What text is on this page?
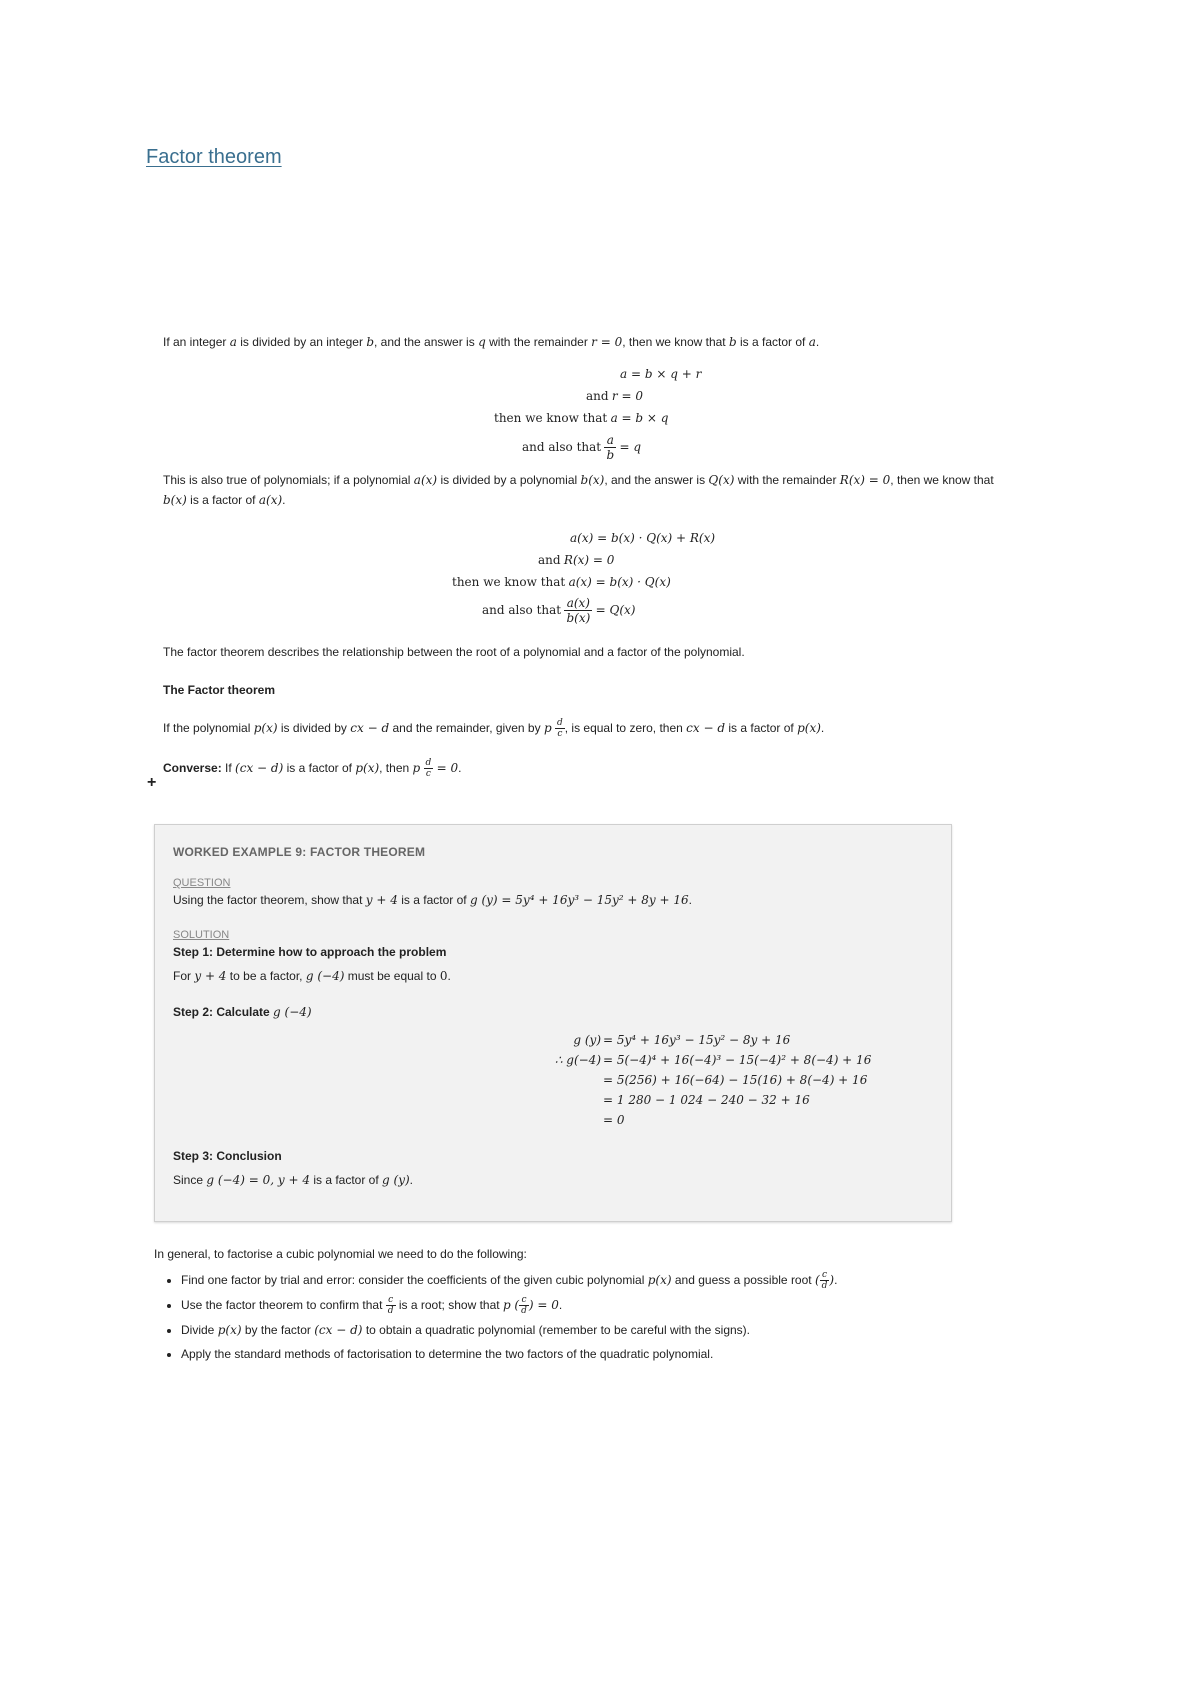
Factor theorem
If an integer a is divided by an integer b, and the answer is q with the remainder r = 0, then we know that b is a factor of a.
a = b × q + r
and r = 0
then we know that a = b × q
and also that $\frac{a}{b} = q$
This is also true of polynomials; if a polynomial a(x) is divided by a polynomial b(x), and the answer is Q(x) with the remainder R(x) = 0, then we know that b(x) is a factor of a(x).
a(x) = b(x) · Q(x) + R(x)
and R(x) = 0
then we know that a(x) = b(x) · Q(x)
and also that $\frac{a(x)}{b(x)} = Q(x)$
The factor theorem describes the relationship between the root of a polynomial and a factor of the polynomial.
The Factor theorem
If the polynomial p(x) is divided by cx − d and the remainder, given by p $\frac{d}{c}$ , is equal to zero, then cx − d is a factor of p(x).
Converse: If (cx − d) is a factor of p(x), then p $\frac{d}{c} = 0$.
+
WORKED EXAMPLE 9: FACTOR THEOREM
QUESTION
Using the factor theorem, show that y + 4 is a factor of g (y) = 5y⁴ + 16y³ − 15y² + 8y + 16.
SOLUTION
Step 1: Determine how to approach the problem
For y + 4 to be a factor, g (−4) must be equal to 0.
Step 2: Calculate g (−4)
g (y) = 5y⁴ + 16y³ − 15y² − 8y + 16
∴ g(−4) = 5(−4)⁴ + 16(−4)³ − 15(−4)² + 8(−4) + 16
= 5(256) + 16(−64) − 15(16) + 8(−4) + 16
= 1 280 − 1 024 − 240 − 32 + 16
= 0
Step 3: Conclusion
Since g (−4) = 0, y + 4 is a factor of g (y).
In general, to factorise a cubic polynomial we need to do the following:
• Find one factor by trial and error: consider the coefficients of the given cubic polynomial p(x) and guess a possible root ( $\frac{c}{d}$ ).
• Use the factor theorem to confirm that $\frac{c}{d}$ is a root; show that p ( $\frac{c}{d}$ ) = 0.
• Divide p(x) by the factor (cx − d) to obtain a quadratic polynomial (remember to be careful with the signs).
• Apply the standard methods of factorisation to determine the two factors of the quadratic polynomial.
